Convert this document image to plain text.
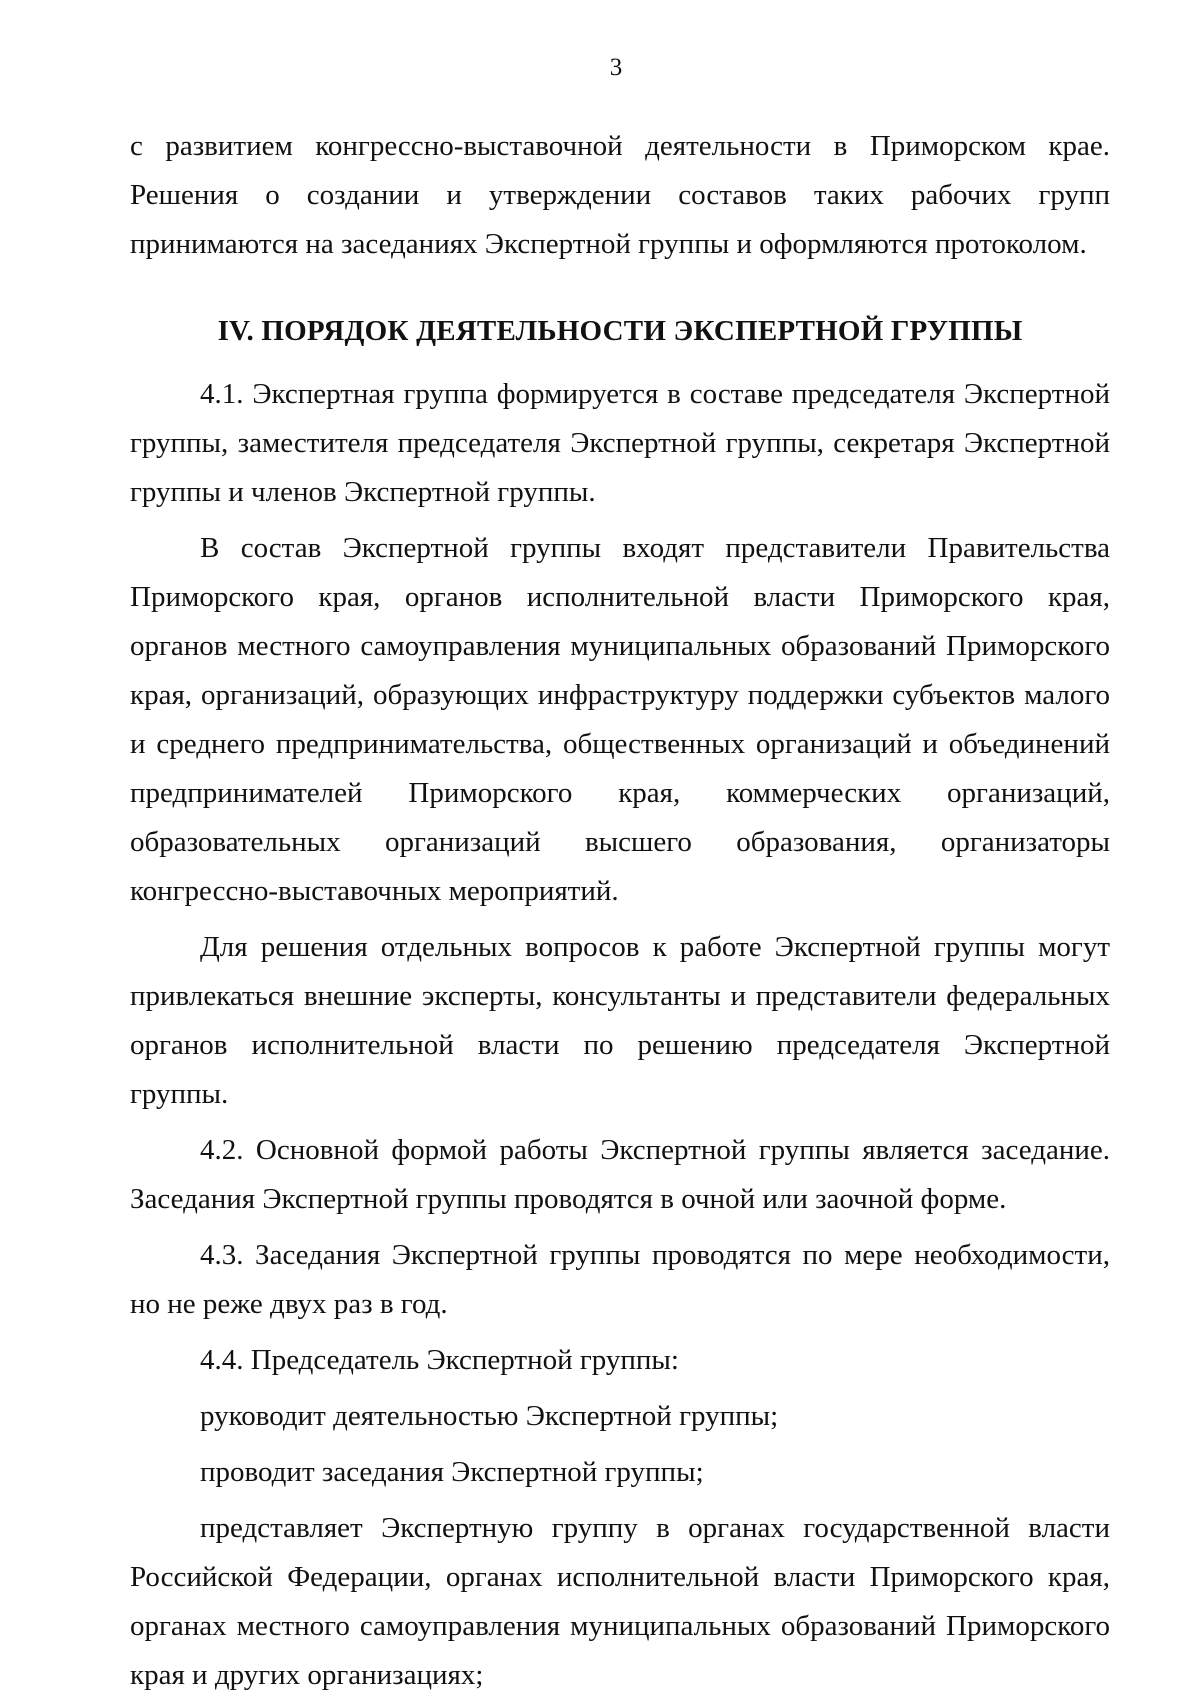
3

с развитием конгрессно-выставочной деятельности в Приморском крае. Решения о создании и утверждении составов таких рабочих групп принимаются на заседаниях Экспертной группы и оформляются протоколом.

IV. ПОРЯДОК ДЕЯТЕЛЬНОСТИ ЭКСПЕРТНОЙ ГРУППЫ

4.1. Экспертная группа формируется в составе председателя Экспертной группы, заместителя председателя Экспертной группы, секретаря Экспертной группы и членов Экспертной группы.

В состав Экспертной группы входят представители Правительства Приморского края, органов исполнительной власти Приморского края, органов местного самоуправления муниципальных образований Приморского края, организаций, образующих инфраструктуру поддержки субъектов малого и среднего предпринимательства, общественных организаций и объединений предпринимателей Приморского края, коммерческих организаций, образовательных организаций высшего образования, организаторы конгрессно-выставочных мероприятий.

Для решения отдельных вопросов к работе Экспертной группы могут привлекаться внешние эксперты, консультанты и представители федеральных органов исполнительной власти по решению председателя Экспертной группы.

4.2. Основной формой работы Экспертной группы является заседание. Заседания Экспертной группы проводятся в очной или заочной форме.

4.3. Заседания Экспертной группы проводятся по мере необходимости, но не реже двух раз в год.

4.4. Председатель Экспертной группы:

руководит деятельностью Экспертной группы;

проводит заседания Экспертной группы;

представляет Экспертную группу в органах государственной власти Российской Федерации, органах исполнительной власти Приморского края, органах местного самоуправления муниципальных образований Приморского края и других организациях;
